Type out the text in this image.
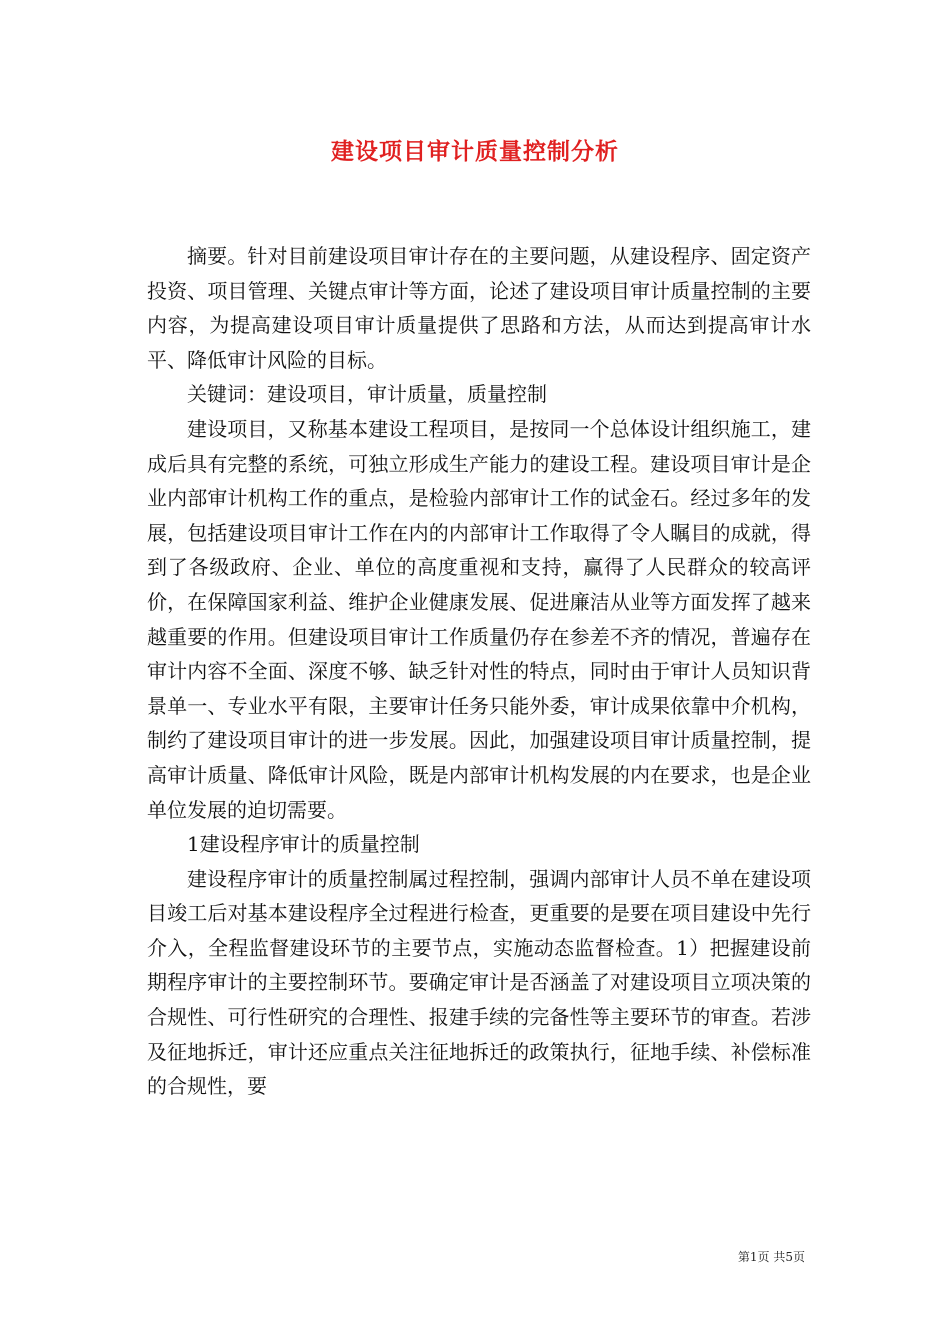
建设项目审计质量控制分析

摘要。针对目前建设项目审计存在的主要问题，从建设程序、固定资产投资、项目管理、关键点审计等方面，论述了建设项目审计质量控制的主要内容，为提高建设项目审计质量提供了思路和方法，从而达到提高审计水平、降低审计风险的目标。

关键词：建设项目，审计质量，质量控制

建设项目，又称基本建设工程项目，是按同一个总体设计组织施工，建成后具有完整的系统，可独立形成生产能力的建设工程。建设项目审计是企业内部审计机构工作的重点，是检验内部审计工作的试金石。经过多年的发展，包括建设项目审计工作在内的内部审计工作取得了令人瞩目的成就，得到了各级政府、企业、单位的高度重视和支持，赢得了人民群众的较高评价，在保障国家利益、维护企业健康发展、促进廉洁从业等方面发挥了越来越重要的作用。但建设项目审计工作质量仍存在参差不齐的情况，普遍存在审计内容不全面、深度不够、缺乏针对性的特点，同时由于审计人员知识背景单一、专业水平有限，主要审计任务只能外委，审计成果依靠中介机构，制约了建设项目审计的进一步发展。因此，加强建设项目审计质量控制，提高审计质量、降低审计风险，既是内部审计机构发展的内在要求，也是企业单位发展的迫切需要。

1建设程序审计的质量控制

建设程序审计的质量控制属过程控制，强调内部审计人员不单在建设项目竣工后对基本建设程序全过程进行检查，更重要的是要在项目建设中先行介入，全程监督建设环节的主要节点，实施动态监督检查。1）把握建设前期程序审计的主要控制环节。要确定审计是否涵盖了对建设项目立项决策的合规性、可行性研究的合理性、报建手续的完备性等主要环节的审查。若涉及征地拆迁，审计还应重点关注征地拆迁的政策执行，征地手续、补偿标准的合规性，要

第1页 共5页
